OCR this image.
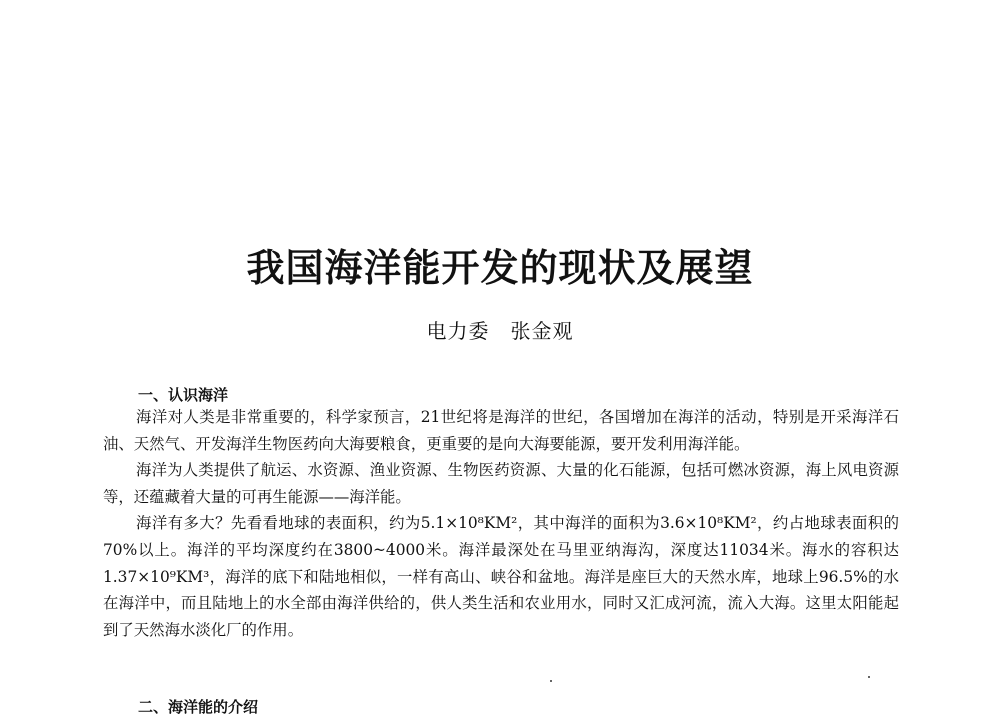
我国海洋能开发的现状及展望
电力委　张金观
一、认识海洋

海洋对人类是非常重要的，科学家预言，21世纪将是海洋的世纪，各国增加在海洋的活动，特别是开采海洋石油、天然气、开发海洋生物医药向大海要粮食，更重要的是向大海要能源，要开发利用海洋能。

海洋为人类提供了航运、水资源、渔业资源、生物医药资源、大量的化石能源，包括可燃冰资源，海上风电资源等，还蕴藏着大量的可再生能源——海洋能。

海洋有多大？先看看地球的表面积，约为5.1×10⁸KM²，其中海洋的面积为3.6×10⁸KM²，约占地球表面积的70%以上。海洋的平均深度约在3800~4000米。海洋最深处在马里亚纳海沟，深度达11034米。海水的容积达1.37×10⁹KM³，海洋的底下和陆地相似，一样有高山、峡谷和盆地。海洋是座巨大的天然水库，地球上96.5%的水在海洋中，而且陆地上的水全部由海洋供给的，供人类生活和农业用水，同时又汇成河流，流入大海。这里太阳能起到了天然海水淡化厂的作用。

二、海洋能的介绍
